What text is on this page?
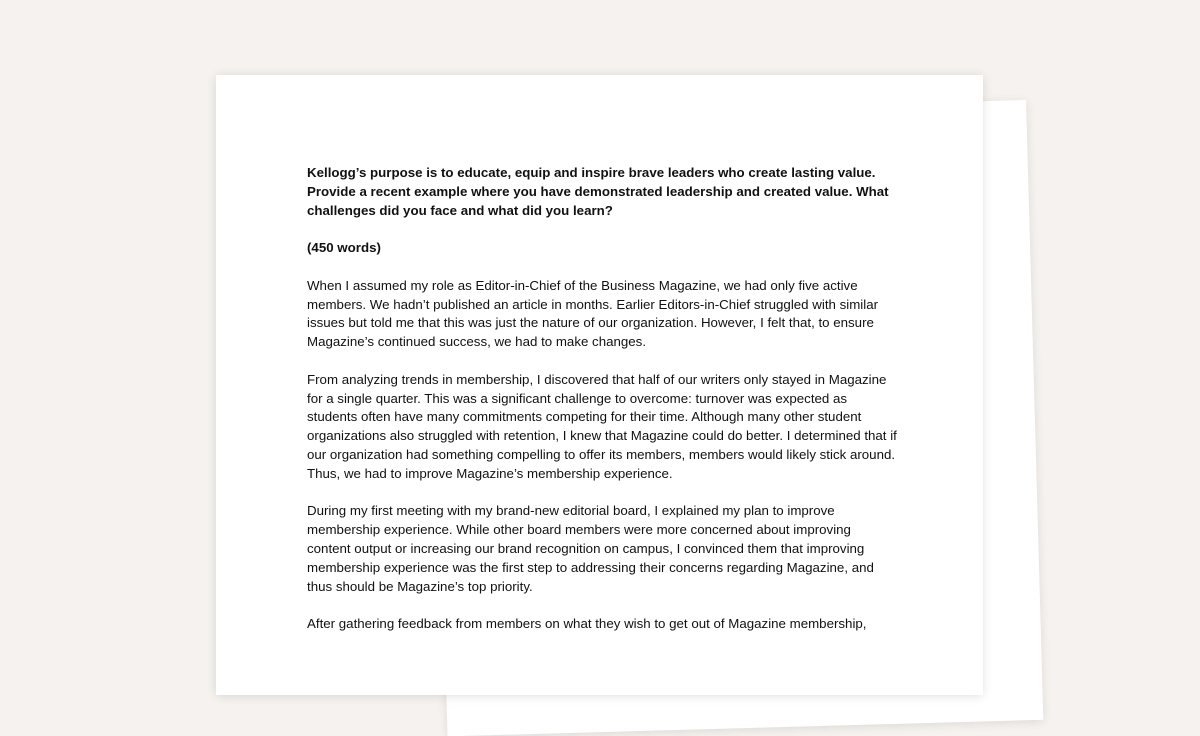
Kellogg’s purpose is to educate, equip and inspire brave leaders who create lasting value. Provide a recent example where you have demonstrated leadership and created value. What challenges did you face and what did you learn?

(450 words)

When I assumed my role as Editor-in-Chief of the Business Magazine, we had only five active members. We hadn’t published an article in months. Earlier Editors-in-Chief struggled with similar issues but told me that this was just the nature of our organization. However, I felt that, to ensure Magazine’s continued success, we had to make changes.

From analyzing trends in membership, I discovered that half of our writers only stayed in Magazine for a single quarter. This was a significant challenge to overcome: turnover was expected as students often have many commitments competing for their time. Although many other student organizations also struggled with retention, I knew that Magazine could do better. I determined that if our organization had something compelling to offer its members, members would likely stick around. Thus, we had to improve Magazine’s membership experience.

During my first meeting with my brand-new editorial board, I explained my plan to improve membership experience. While other board members were more concerned about improving content output or increasing our brand recognition on campus, I convinced them that improving membership experience was the first step to addressing their concerns regarding Magazine, and thus should be Magazine’s top priority.

After gathering feedback from members on what they wish to get out of Magazine membership,
